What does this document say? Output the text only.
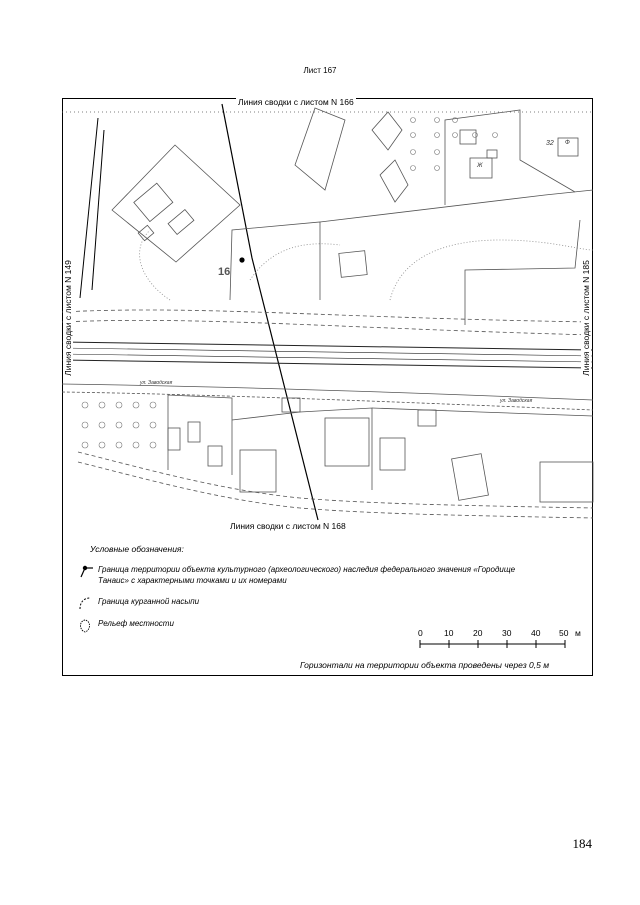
Лист 167
Линия сводки с листом N 166
Линия сводки с листом N 168
Линия сводки с листом N 149	Линия сводки с листом N 185
16
ул. Заводская
ул. Заводская
32 Ф
Ж
Условные обозначения:
Граница территории объекта культурного (археологического) наследия федерального значения «Городище Танаис» с характерными точками и их номерами
Граница курганной насыпи
Рельеф местности
0	10 20 30 40 50 м
Горизонтали на территории объекта проведены через 0,5 м
184
